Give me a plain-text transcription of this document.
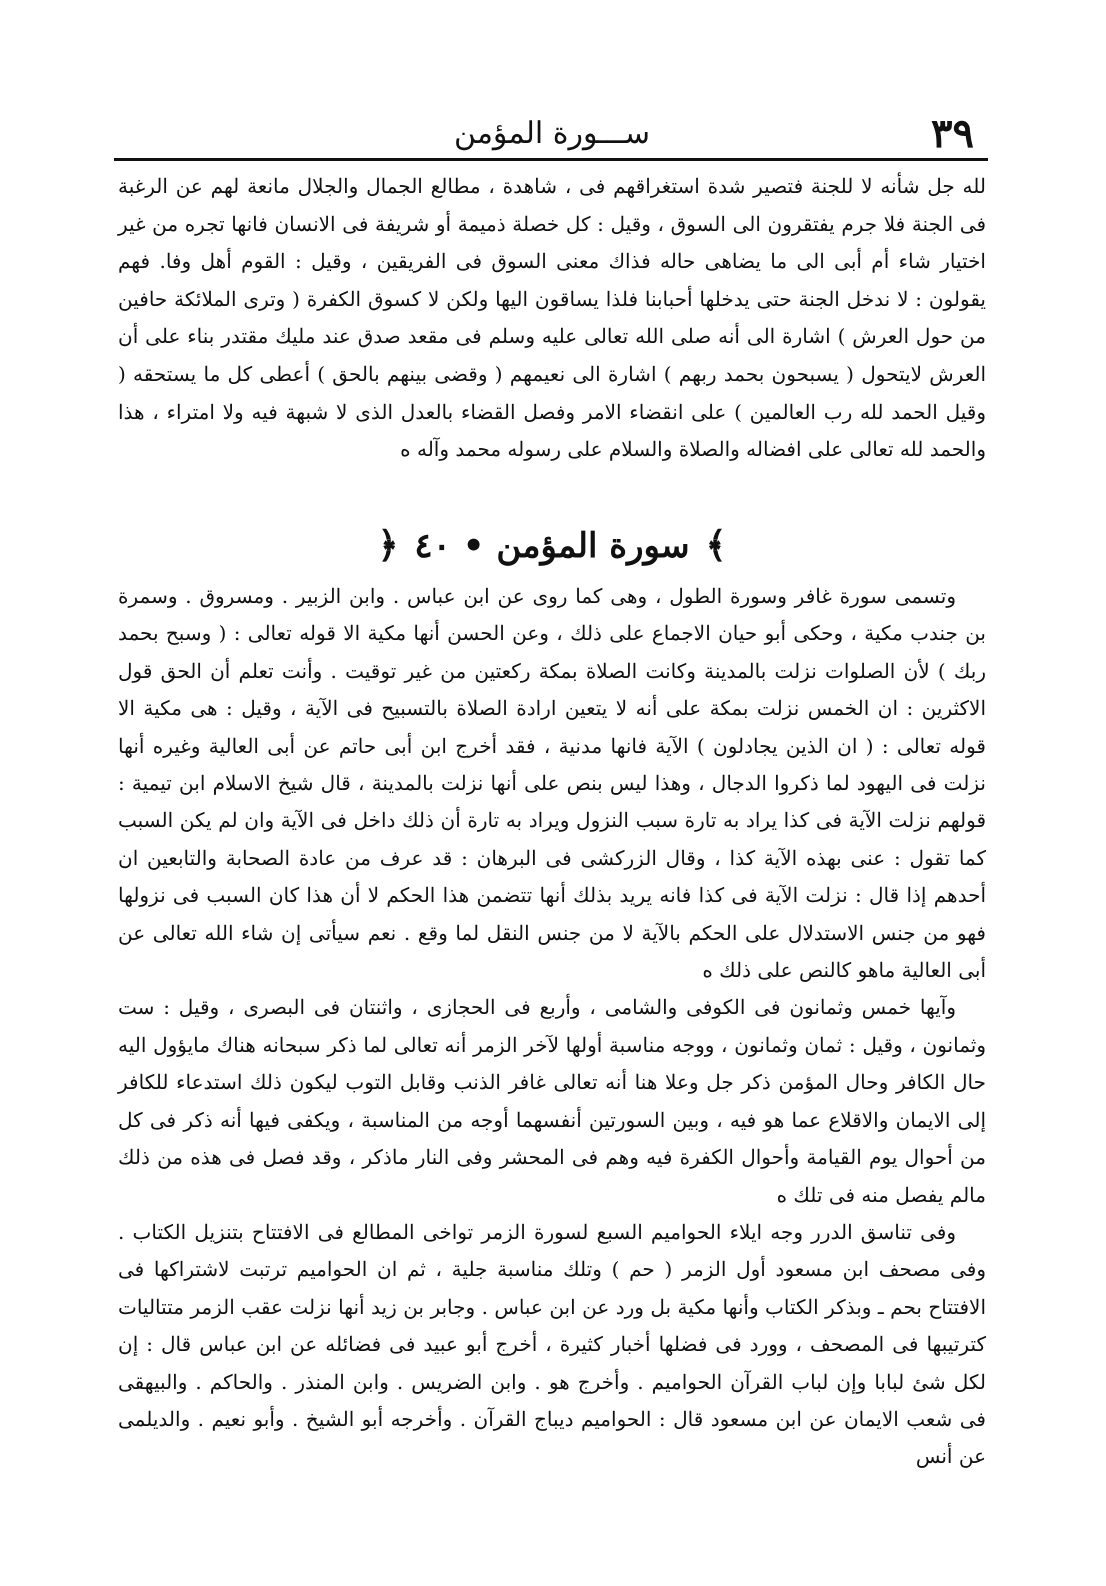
٣٩
ســـورة المؤمن

لله جل شأنه لا للجنة فتصير شدة استغراقهم فى ، شاهدة ، مطالع الجمال والجلال مانعة لهم عن الرغبة فى الجنة فلا جرم يفتقرون الى السوق ، وقيل : كل خصلة ذميمة أو شريفة فى الانسان فانها تجره من غير اختيار شاء أم أبى الى ما يضاهى حاله فذاك معنى السوق فى الفريقين ، وقيل : القوم أهل وفا. فهم يقولون : لا ندخل الجنة حتى يدخلها أحبابنا فلذا يساقون اليها ولكن لا كسوق الكفرة ( وترى الملائكة حافين من حول العرش ) اشارة الى أنه صلى الله تعالى عليه وسلم فى مقعد صدق عند مليك مقتدر بناء على أن العرش لايتحول ( يسبحون بحمد ربهم ) اشارة الى نعيمهم ( وقضى بينهم بالحق ) أعطى كل ما يستحقه ( وقيل الحمد لله رب العالمين ) على انقضاء الامر وفصل القضاء بالعدل الذى لا شبهة فيه ولا امتراء ، هذا والحمد لله تعالى على افضاله والصلاة والسلام على رسوله محمد وآله ه

﴾ سورة المؤمن • ٤٠ ﴿

وتسمى سورة غافر وسورة الطول ، وهى كما روى عن ابن عباس . وابن الزبير . ومسروق . وسمرة بن جندب مكية ، وحكى أبو حيان الاجماع على ذلك ، وعن الحسن أنها مكية الا قوله تعالى : ( وسبح بحمد ربك ) لأن الصلوات نزلت بالمدينة وكانت الصلاة بمكة ركعتين من غير توقيت . وأنت تعلم أن الحق قول الاكثرين : ان الخمس نزلت بمكة على أنه لا يتعين ارادة الصلاة بالتسبيح فى الآية ، وقيل : هى مكية الا قوله تعالى : ( ان الذين يجادلون ) الآية فانها مدنية ، فقد أخرج ابن أبى حاتم عن أبى العالية وغيره أنها نزلت فى اليهود لما ذكروا الدجال ، وهذا ليس بنص على أنها نزلت بالمدينة ، قال شيخ الاسلام ابن تيمية : قولهم نزلت الآية فى كذا يراد به تارة سبب النزول ويراد به تارة أن ذلك داخل فى الآية وان لم يكن السبب كما تقول : عنى بهذه الآية كذا ، وقال الزركشى فى البرهان : قد عرف من عادة الصحابة والتابعين ان أحدهم إذا قال : نزلت الآية فى كذا فانه يريد بذلك أنها تتضمن هذا الحكم لا أن هذا كان السبب فى نزولها فهو من جنس الاستدلال على الحكم بالآية لا من جنس النقل لما وقع . نعم سيأتى إن شاء الله تعالى عن أبى العالية ماهو كالنص على ذلك ه

وآيها خمس وثمانون فى الكوفى والشامى ، وأربع فى الحجازى ، واثنتان فى البصرى ، وقيل : ست وثمانون ، وقيل : ثمان وثمانون ، ووجه مناسبة أولها لآخر الزمر أنه تعالى لما ذكر سبحانه هناك مايؤول اليه حال الكافر وحال المؤمن ذكر جل وعلا هنا أنه تعالى غافر الذنب وقابل التوب ليكون ذلك استدعاء للكافر إلى الايمان والاقلاع عما هو فيه ، وبين السورتين أنفسهما أوجه من المناسبة ، ويكفى فيها أنه ذكر فى كل من أحوال يوم القيامة وأحوال الكفرة فيه وهم فى المحشر وفى النار ماذكر ، وقد فصل فى هذه من ذلك مالم يفصل منه فى تلك ه

وفى تناسق الدرر وجه ايلاء الحواميم السبع لسورة الزمر تواخى المطالع فى الافتتاح بتنزيل الكتاب . وفى مصحف ابن مسعود أول الزمر ( حم ) وتلك مناسبة جلية ، ثم ان الحواميم ترتبت لاشتراكها فى الافتتاح بحم ـ وبذكر الكتاب وأنها مكية بل ورد عن ابن عباس . وجابر بن زيد أنها نزلت عقب الزمر متتاليات كترتيبها فى المصحف ، وورد فى فضلها أخبار كثيرة ، أخرج أبو عبيد فى فضائله عن ابن عباس قال : إن لكل شئ لبابا وإن لباب القرآن الحواميم . وأخرج هو . وابن الضريس . وابن المنذر . والحاكم . والبيهقى فى شعب الايمان عن ابن مسعود قال : الحواميم ديباج القرآن . وأخرجه أبو الشيخ . وأبو نعيم . والديلمى عن أنس
